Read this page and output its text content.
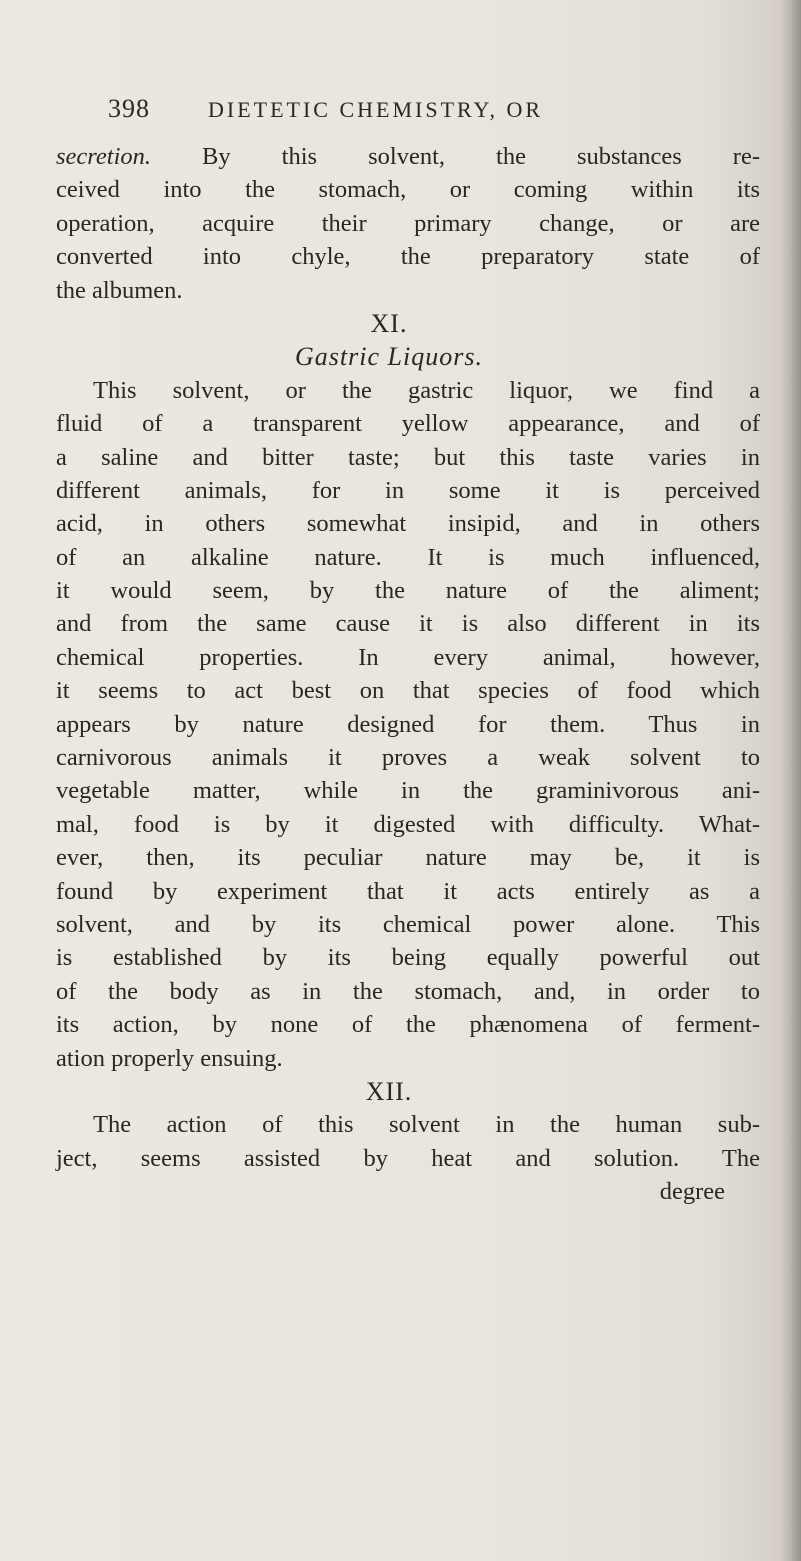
398	DIETETIC CHEMISTRY, OR
secretion. By this solvent, the substances re-
ceived into the stomach, or coming within its
operation, acquire their primary change, or are
converted into chyle, the preparatory state of
the albumen.
XI.
Gastric Liquors.
This solvent, or the gastric liquor, we find a
fluid of a transparent yellow appearance, and of
a saline and bitter taste; but this taste varies in
different animals, for in some it is perceived
acid, in others somewhat insipid, and in others
of an alkaline nature. It is much influenced,
it would seem, by the nature of the aliment;
and from the same cause it is also different in its
chemical properties. In every animal, however,
it seems to act best on that species of food which
appears by nature designed for them. Thus in
carnivorous animals it proves a weak solvent to
vegetable matter, while in the graminivorous ani-
mal, food is by it digested with difficulty. What-
ever, then, its peculiar nature may be, it is
found by experiment that it acts entirely as a
solvent, and by its chemical power alone. This
is established by its being equally powerful out
of the body as in the stomach, and, in order to
its action, by none of the phænomena of ferment-
ation properly ensuing.
XII.
The action of this solvent in the human sub-
ject, seems assisted by heat and solution. The
degree
